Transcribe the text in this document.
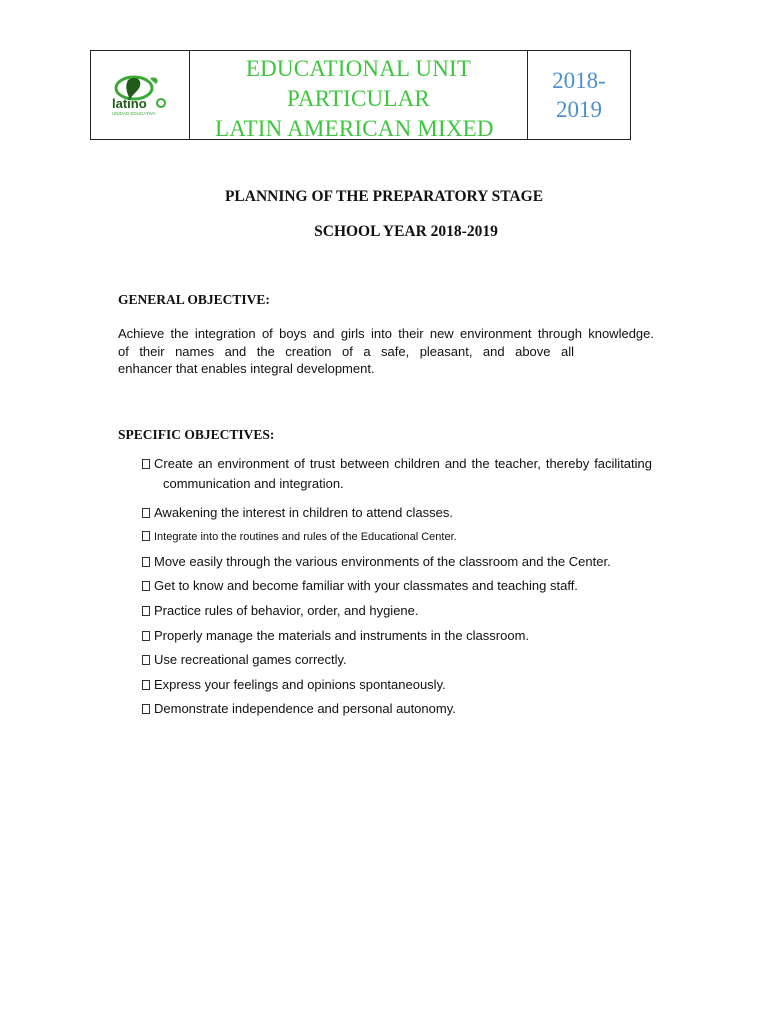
latino
UNIDAD EDUCATIVA
EDUCATIONAL UNIT
PARTICULAR
LATIN AMERICAN MIXED
2018-
2019
PLANNING OF THE PREPARATORY STAGE
SCHOOL YEAR 2018-2019
GENERAL OBJECTIVE:
Achieve the integration of boys and girls into their new environment through knowledge.
of their names and the creation of a safe, pleasant, and above all
enhancer that enables integral development.
SPECIFIC OBJECTIVES:
Create an environment of trust between children and the teacher, thereby facilitating
communication and integration.
Awakening the interest in children to attend classes.
Integrate into the routines and rules of the Educational Center.
Move easily through the various environments of the classroom and the Center.
Get to know and become familiar with your classmates and teaching staff.
Practice rules of behavior, order, and hygiene.
Properly manage the materials and instruments in the classroom.
Use recreational games correctly.
Express your feelings and opinions spontaneously.
Demonstrate independence and personal autonomy.
